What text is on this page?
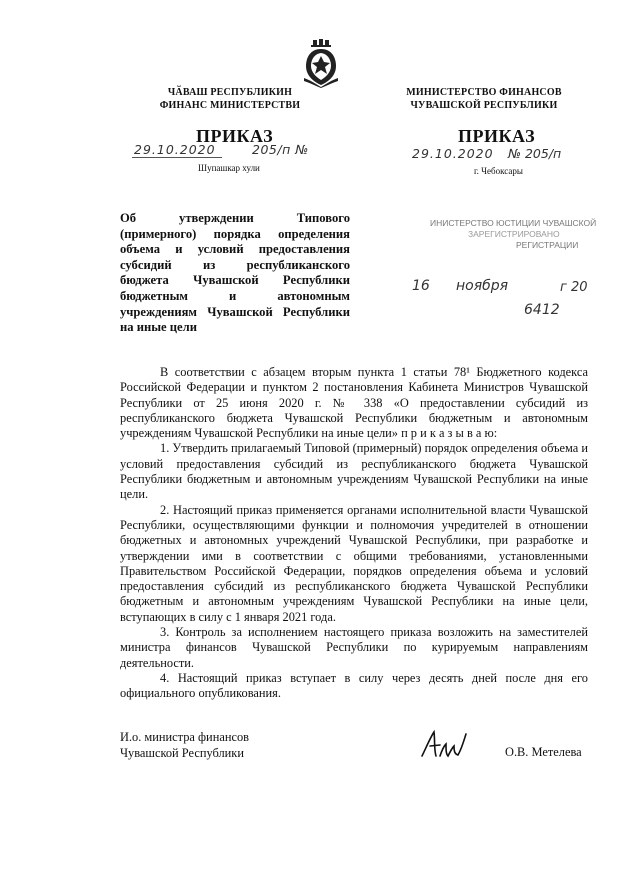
ЧӐВАШ РЕСПУБЛИКИН
ФИНАНС МИНИСТЕРСТВИ
МИНИСТЕРСТВО ФИНАНСОВ
ЧУВАШСКОЙ РЕСПУБЛИКИ
ПРИКАЗ
29.10.2020	205/п №
Шупашкар хули
ПРИКАЗ
29.10.2020 № 205/п
г. Чебоксары
Об утверждении Типового
(примерного) порядка определения
объема и условий предоставления
субсидий из республиканского
бюджета Чувашской Республики
бюджетным и автономным
учреждениям Чувашской Республики
на иные цели
ИНИСТЕРСТВО ЮСТИЦИИ ЧУВАШСКОЙ
ЗАРЕГИСТРИРОВАНО
РЕГИСТРАЦИИ
16 ноября	г 20
6412

В соответствии с абзацем вторым пункта 1 статьи 78¹ Бюджетного кодекса Российской Федерации и пунктом 2 постановления Кабинета Министров Чувашской Республики от 25 июня 2020 г. № 338 «О предоставлении субсидий из республиканского бюджета Чувашской Республики бюджетным и автономным учреждениям Чувашской Республики на иные цели» п р и к а з ы в а ю:

1. Утвердить прилагаемый Типовой (примерный) порядок определения объема и условий предоставления субсидий из республиканского бюджета Чувашской Республики бюджетным и автономным учреждениям Чувашской Республики на иные цели.

2. Настоящий приказ применяется органами исполнительной власти Чувашской Республики, осуществляющими функции и полномочия учредителей в отношении бюджетных и автономных учреждений Чувашской Республики, при разработке и утверждении ими в соответствии с общими требованиями, установленными Правительством Российской Федерации, порядков определения объема и условий предоставления субсидий из республиканского бюджета Чувашской Республики бюджетным и автономным учреждениям Чувашской Республики на иные цели, вступающих в силу с 1 января 2021 года.

3. Контроль за исполнением настоящего приказа возложить на заместителей министра финансов Чувашской Республики по курируемым направлениям деятельности.

4. Настоящий приказ вступает в силу через десять дней после дня его официального опубликования.

И.о. министра финансов
Чувашской Республики	О.В. Метелева
